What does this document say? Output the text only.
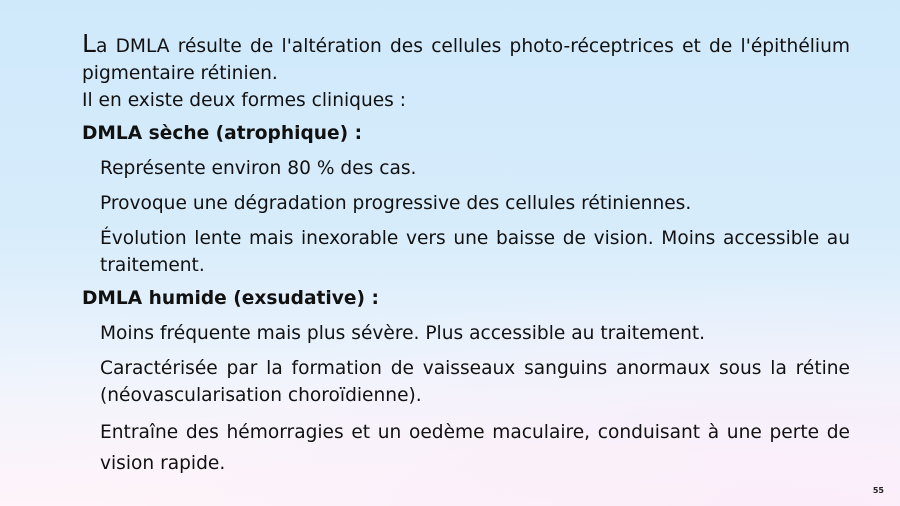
La DMLA résulte de l'altération des cellules photo-réceptrices et de l'épithélium pigmentaire rétinien.

Il en existe deux formes cliniques :

DMLA sèche (atrophique) :

Représente environ 80 % des cas.
Provoque une dégradation progressive des cellules rétiniennes.
Évolution lente mais inexorable vers une baisse de vision. Moins accessible au traitement.

DMLA humide (exsudative) :

Moins fréquente mais plus sévère. Plus accessible au traitement.
Caractérisée par la formation de vaisseaux sanguins anormaux sous la rétine (néovascularisation choroïdienne).
Entraîne des hémorragies et un oedème maculaire, conduisant à une perte de vision rapide.
55
